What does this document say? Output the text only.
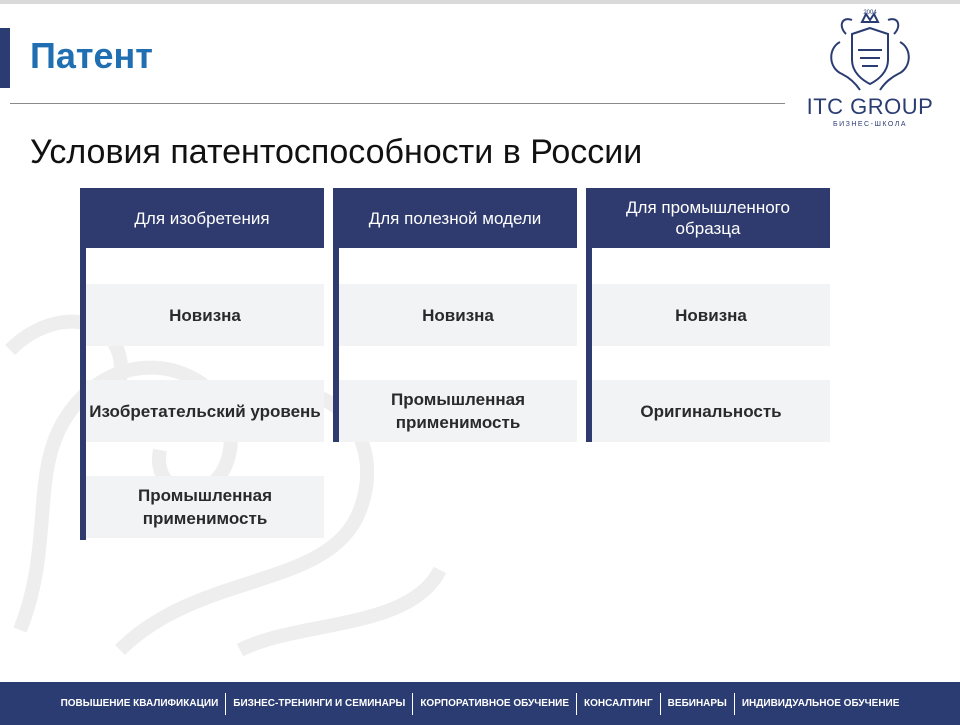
Патент
2004
ITC GROUP
БИЗНЕС-ШКОЛА
Условия патентоспособности в России
Для изобретения
Новизна
Изобретательский уровень
Промышленная применимость
Для полезной модели
Новизна
Промышленная применимость
Для промышленного образца
Новизна
Оригинальность
ПОВЫШЕНИЕ КВАЛИФИКАЦИИ	БИЗНЕС-ТРЕНИНГИ И СЕМИНАРЫ	КОРПОРАТИВНОЕ ОБУЧЕНИЕ	КОНСАЛТИНГ	ВЕБИНАРЫ	ИНДИВИДУАЛЬНОЕ ОБУЧЕНИЕ
